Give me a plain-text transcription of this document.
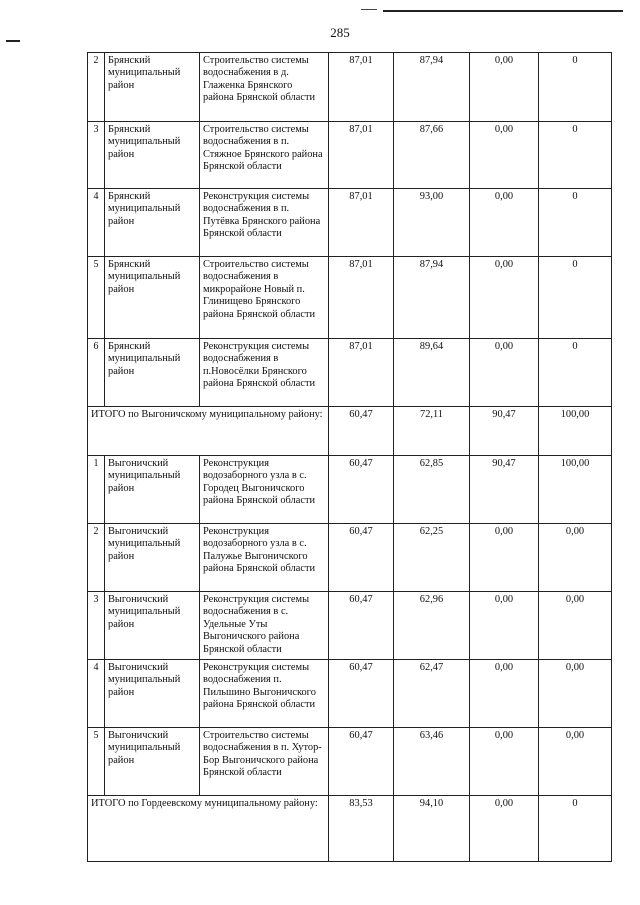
285
2	Брянский муниципальный район	Строительство системы водоснабжения в д. Глаженка Брянского района Брянской области	87,01	87,94	0,00	0
3	Брянский муниципальный район	Строительство системы водоснабжения в п. Стяжное Брянского района Брянской области	87,01	87,66	0,00	0
4	Брянский муниципальный район	Реконструкция системы водоснабжения в п. Путёвка Брянского района Брянской области	87,01	93,00	0,00	0
5	Брянский муниципальный район	Строительство системы водоснабжения в микрорайоне Новый п. Глинищево Брянского района Брянской области	87,01	87,94	0,00	0
6	Брянский муниципальный район	Реконструкция системы водоснабжения в п.Новосёлки Брянского района Брянской области	87,01	89,64	0,00	0
ИТОГО по Выгоничскому муниципальному району:			60,47	72,11	90,47	100,00
1	Выгоничский муниципальный район	Реконструкция водозаборного узла в с. Городец Выгоничского района Брянской области	60,47	62,85	90,47	100,00
2	Выгоничский муниципальный район	Реконструкция водозаборного узла в с. Палужье Выгоничского района Брянской области	60,47	62,25	0,00	0,00
3	Выгоничский муниципальный район	Реконструкция системы водоснабжения в с. Удельные Уты Выгоничского района Брянской области	60,47	62,96	0,00	0,00
4	Выгоничский муниципальный район	Реконструкция системы водоснабжения п. Пильшино Выгоничского района Брянской области	60,47	62,47	0,00	0,00
5	Выгоничский муниципальный район	Строительство системы водоснабжения в п. Хутор-Бор Выгоничского района Брянской области	60,47	63,46	0,00	0,00
ИТОГО по Гордеевскому муниципальному району:			83,53	94,10	0,00	0
